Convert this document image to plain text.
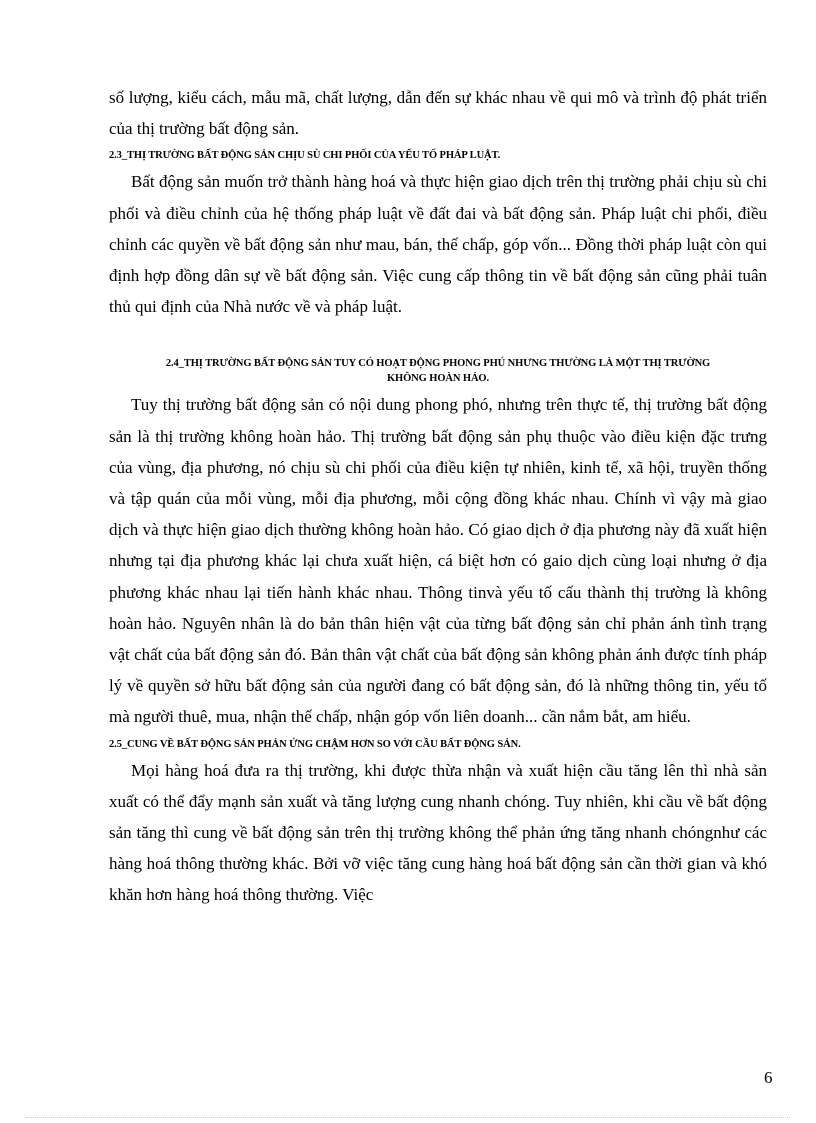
số lượng, kiểu cách, mẫu mã, chất lượng, dẫn đến sự khác nhau về qui mô và trình độ phát triển của thị trường bất động sản.

2.3_THỊ TRƯỜNG BẤT ĐỘNG SẢN CHỊU SÙ CHI PHỐI CỦA YẾU TỐ PHÁP LUẬT.

Bất động sản muốn trở thành hàng hoá và thực hiện giao dịch trên thị trường phải chịu sù chi phối và điều chỉnh của hệ thống pháp luật về đất đai và bất động sản. Pháp luật chi phối, điều chỉnh các quyền về bất động sản như mau, bán, thế chấp, góp vốn... Đồng thời pháp luật còn qui định hợp đồng dân sự về bất động sản. Việc cung cấp thông tin về bất động sản cũng phải tuân thủ qui định của Nhà nước về và pháp luật.

2.4_THỊ TRƯỜNG BẤT ĐỘNG SẢN TUY CÓ HOẠT ĐỘNG PHONG PHÚ NHƯNG THƯỜNG LÀ MỘT THỊ TRƯỜNG KHÔNG HOÀN HẢO.

Tuy thị trường bất động sản có nội dung phong phó, nhưng trên thực tế, thị trường bất động sản là thị trường không hoàn hảo. Thị trường bất động sản phụ thuộc vào điều kiện đặc trưng của vùng, địa phương, nó chịu sù chi phối của điều kiện tự nhiên, kinh tế, xã hội, truyền thống và tập quán của mỗi vùng, mỗi địa phương, mỗi cộng đồng khác nhau. Chính vì vậy mà giao dịch và thực hiện giao dịch thường không hoàn hảo. Có giao dịch ở địa phương này đã xuất hiện nhưng tại địa phương khác lại chưa xuất hiện, cá biệt hơn có gaio dịch cùng loại nhưng ở địa phương khác nhau lại tiến hành khác nhau. Thông tinvà yếu tố cấu thành thị trường là không hoàn hảo. Nguyên nhân là do bản thân hiện vật của từng bất động sản chỉ phản ánh tình trạng vật chất của bất động sản đó. Bản thân vật chất của bất động sản không phản ánh được tính pháp lý về quyền sở hữu bất động sản của người đang có bất động sản, đó là những thông tin, yếu tố mà người thuê, mua, nhận thế chấp, nhận góp vốn liên doanh... cần nắm bắt, am hiểu.

2.5_CUNG VỀ BẤT ĐỘNG SẢN PHẢN ỨNG CHẬM HƠN SO VỚI CẦU BẤT ĐỘNG SẢN.

Mọi hàng hoá đưa ra thị trường, khi được thừa nhận và xuất hiện cầu tăng lên thì nhà sản xuất có thể đẩy mạnh sản xuất và tăng lượng cung nhanh chóng. Tuy nhiên, khi cầu về bất động sản tăng thì cung về bất động sản trên thị trường không thể phản ứng tăng nhanh chóngnhư các hàng hoá thông thường khác. Bởi vỡ việc tăng cung hàng hoá bất động sản cần thời gian và khó khăn hơn hàng hoá thông thường. Việc

6
